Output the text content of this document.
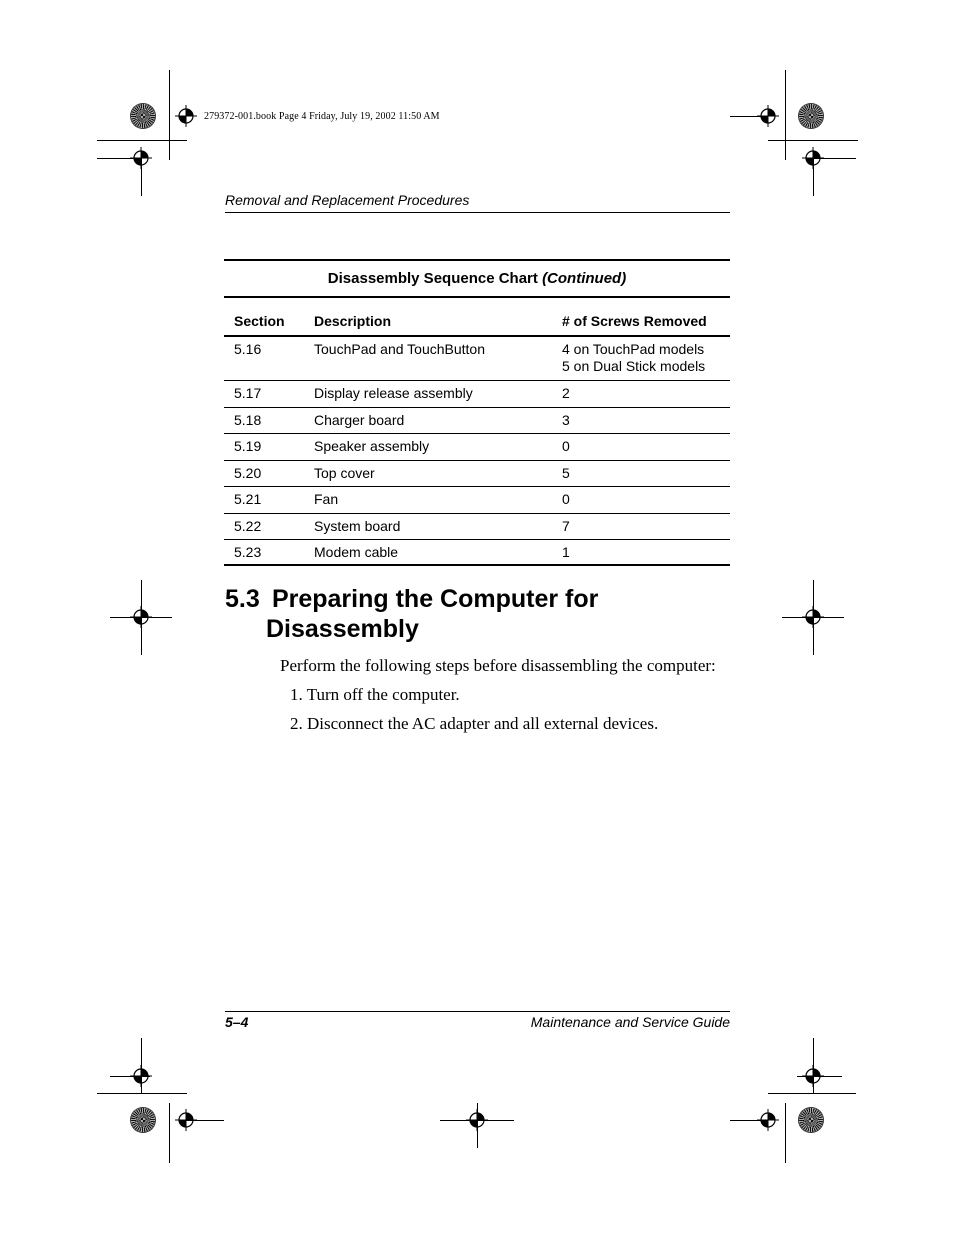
279372-001.book Page 4 Friday, July 19, 2002 11:50 AM
Removal and Replacement Procedures
Disassembly Sequence Chart (Continued)
Section	Description	# of Screws Removed
5.16	TouchPad and TouchButton	4 on TouchPad models
5 on Dual Stick models
5.17	Display release assembly	2
5.18	Charger board	3
5.19	Speaker assembly	0
5.20	Top cover	5
5.21	Fan	0
5.22	System board	7
5.23	Modem cable	1
5.3 Preparing the Computer for
Disassembly
Perform the following steps before disassembling the computer:
1. Turn off the computer.
2. Disconnect the AC adapter and all external devices.
5–4	Maintenance and Service Guide
